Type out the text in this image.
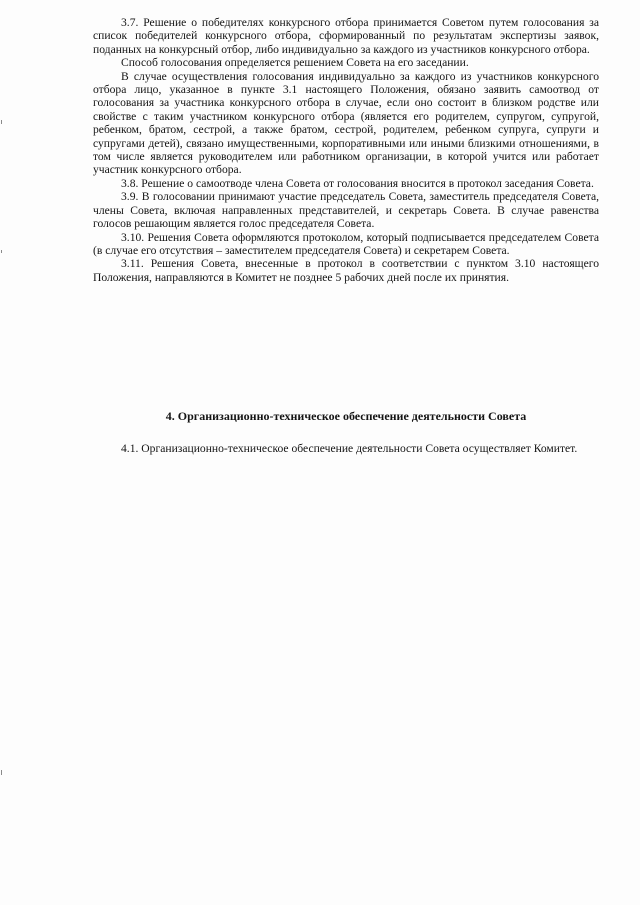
3.7. Решение о победителях конкурсного отбора принимается Советом путем голосования за список победителей конкурсного отбора, сформированный по результатам экспертизы заявок, поданных на конкурсный отбор, либо индивидуально за каждого из участников конкурсного отбора.

Способ голосования определяется решением Совета на его заседании.

В случае осуществления голосования индивидуально за каждого из участников конкурсного отбора лицо, указанное в пункте 3.1 настоящего Положения, обязано заявить самоотвод от голосования за участника конкурсного отбора в случае, если оно состоит в близком родстве или свойстве с таким участником конкурсного отбора (является его родителем, супругом, супругой, ребенком, братом, сестрой, а также братом, сестрой, родителем, ребенком супруга, супруги и супругами детей), связано имущественными, корпоративными или иными близкими отношениями, в том числе является руководителем или работником организации, в которой учится или работает участник конкурсного отбора.

3.8. Решение о самоотводе члена Совета от голосования вносится в протокол заседания Совета.

3.9. В голосовании принимают участие председатель Совета, заместитель председателя Совета, члены Совета, включая направленных представителей, и секретарь Совета. В случае равенства голосов решающим является голос председателя Совета.

3.10. Решения Совета оформляются протоколом, который подписывается председателем Совета (в случае его отсутствия – заместителем председателя Совета) и секретарем Совета.

3.11. Решения Совета, внесенные в протокол в соответствии с пунктом 3.10 настоящего Положения, направляются в Комитет не позднее 5 рабочих дней после их принятия.

4. Организационно-техническое обеспечение деятельности Совета

4.1. Организационно-техническое обеспечение деятельности Совета осуществляет Комитет.
